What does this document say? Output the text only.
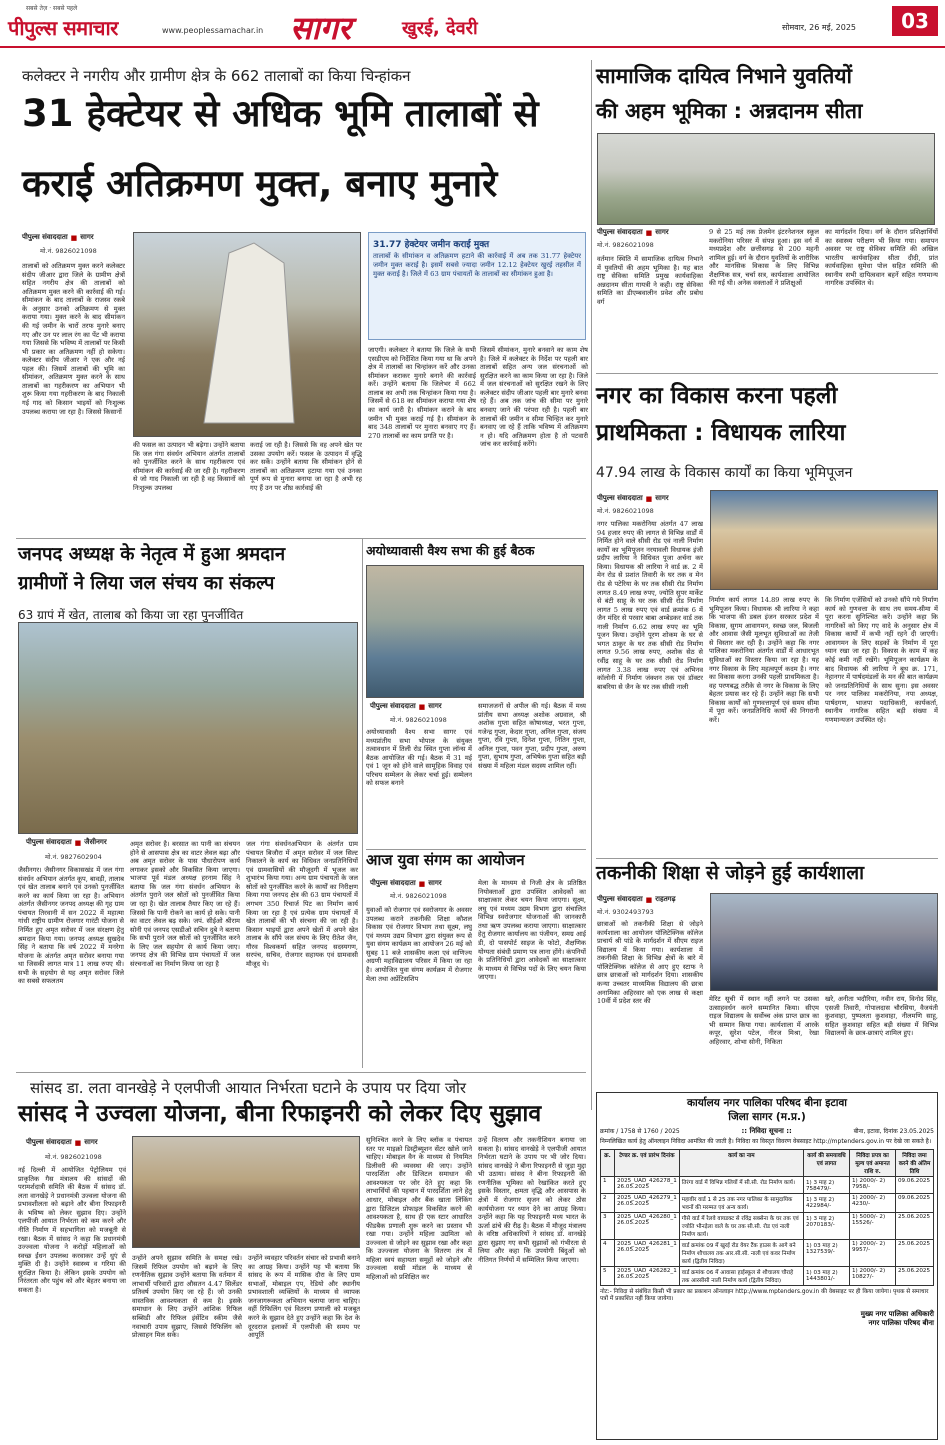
पीपुल्स समाचार
सबसे तेज़ · सबसे पहले
www.peoplessamachar.in सागर	खुरई, देवरी	सोमवार, 26 मई, 2025	03
कलेक्टर ने नगरीय और ग्रामीण क्षेत्र के 662 तालाबों का किया चिन्हांकन
31 हेक्टेयर से अधिक भूमि तालाबों से
कराई अतिक्रमण मुक्त, बनाए मुनारे
पीपुल्स संवाददाता ■ सागर
मो.नं. 9826021098
तालाबों को अतिक्रमण मुक्त करने कलेक्टर संदीप जीआर द्वारा जिले के ग्रामीण क्षेत्रों सहित नगरीय क्षेत्र की तालाबों को अतिक्रमण मुक्त करने की कार्रवाई की गई। सीमांकन के बाद तालाबों के राजस्व रकबे के अनुसार उनको अतिक्रमण से मुक्त कराया गया। मुक्त करने के बाद सीमांकन की गई जमीन के चारों तरफ मुनारे बनाए गए और उन पर लाल रंग का पेंट भी कराया गया जिससे कि भविष्य में तालाबों पर किसी भी प्रकार का अतिक्रमण नहीं हो सकेगा। कलेक्टर संदीप जीआर ने एक और नई पहल की। जिसमें तालाबों की भूमि का सीमांकन, अतिक्रमण मुक्त करने के साथ तालाबों का गहरीकरण का अभियान भी शुरू किया गया गहरीकरण के बाद निकाली गई गाद को किसान भाइयों को निःशुल्क उपलब्ध कराया जा रहा है। जिससे किसानों
की फसल का उत्पादन भी बढ़ेगा। उन्होंने बताया कि जल गंगा संवर्धन अभियान अंतर्गत तालाबों को पुनर्जीवित करने के साथ गहरीकरण एवं सीमांकन की कार्रवाई की जा रही है। गहरीकरण से जो गाद निकाली जा रही है वह किसानों को निःशुल्क उपलब्ध
कराई जा रही है। जिससे कि वह अपने खेत पर उसका उपयोग करें। फसल के उत्पादन में वृद्धि कर सकें। उन्होंने बताया कि सीमांकन होने से तालाबों का अतिक्रमण हटाया गया एवं उनका पूर्ण रूप से मुनारा बनाया जा रहा है अभी रह गए हैं उन पर शीघ्र कार्रवाई की
31.77 हेक्टेयर जमीन कराई मुक्त
तालाबों के सीमांकन व अतिक्रमण हटाने की कार्रवाई में अब तक 31.77 हेक्टेयर जमीन मुक्त कराई है। इसमें सबसे ज्यादा जमीन 12.12 हेक्टेयर खुरई तहसील में मुक्त कराई है। जिले में 63 ग्राम पंचायतों के तालाबों का सीमांकन हुआ है।
जाएगी। कलेक्टर ने बताया कि जिले के सभी एसडीएम को निर्देशित किया गया था कि अपने क्षेत्र में तालाबों का चिन्हांकन करें और उनका सीमांकन कराकर मुनारे बनाने की कार्रवाई करें। उन्होंने बताया कि जिलेभर में 662 तालाब का अभी तक चिन्हांकन किया गया है। जिसमें से 618 का सीमांकन कराया गया शेष का कार्य जारी है। सीमांकन कराने के बाद जमीन भी मुक्त कराई गई है। सीमांकन के बाद 348 तालाबों पर मुनारा बनवाए गए हैं। 270 तालाबों का काम प्रगति पर है।
जिसमें सीमांकन, मुनारे बनवाने का काम शेष है। जिले में कलेक्टर के निर्देश पर पहली बार तालाबों सहित अन्य जल संरचनाओं को सुरक्षित करने का काम किया जा रहा है। जिले में जल संरचनाओं को सुरक्षित रखने के लिए कलेक्टर संदीप जीआर पहली बार मुनारे बनवा रहे हैं। अब तक जांच की सीमा पर मुनारे बनवाए जाने की परंपरा रही है। पहली बार तालाबों की जमीन व सीमा चिन्हित कर मुनारे बनवाए जा रहे हैं ताकि भविष्य में अतिक्रमण न हो। यदि अतिक्रमण होता है तो पटवारी जांच कर कार्रवाई करेंगे।
सामाजिक दायित्व निभाने युवतियों
की अहम भूमिका : अन्नदानम सीता
पीपुल्स संवाददाता ■ सागर
मो.नं. 9826021098
वर्तमान स्थिति में सामाजिक दायित्व निभाने में युवतियों की अहम भूमिका है। यह बात राष्ट्र सेविका समिति प्रमुख कार्यवाहिका अन्नदानम सीता गायत्री ने कही। राष्ट्र सेविका समिति का डीएम्बवालीन प्रवेश और प्रबोध वर्ग
9 से 25 मई तक प्रेजमेन इंटरनेशनल स्कूल मकरोनिया परिसर में संपन्न हुआ। इस वर्ग में मध्यप्रदेश और छत्तीसगढ़ से 200 महनी शामिल हुई। वर्ग के दौरान युवतियों के शारीरिक और मानसिक विकास के लिए विभिन्न शैक्षणिक सत्र, चर्चा सत्र, कार्यशाला आयोजित की गई थी। अनेक वक्ताओं ने प्रशिक्षुओं
का मार्गदर्शन दिया। वर्ग के दौरान प्रशिक्षार्थियों का स्वास्थ्य परीक्षण भी किया गया। समापन अवसर पर राष्ट्र सेविका समिति की अखिल भारतीय कार्यवाहिका सीता दीदी, प्रांत कार्यवाहिका सुमेधा पोल सहित समिति की स्थानीय सभी दायित्ववान बहनें सहित गणमान्य नागरिक उपस्थित थे।
नगर का विकास करना पहली
प्राथमिकता : विधायक लारिया
47.94 लाख के विकास कार्यों का किया भूमिपूजन
पीपुल्स संवाददाता ■ सागर
मो.नं. 9826021098
नगर पालिका मकरोनिया अंतर्गत 47 लाख 94 हजार रुपए की लागत से विभिन्न वार्डों में निर्मित होने वाले सीसी रोड एवं नाली निर्माण कार्यों का भूमिपूजन नरयावली विधायक इंजी प्रदीप लारिया ने विधिवत पूजा अर्चना कर किया। विधायक श्री लारिया ने वार्ड क्र. 2 में मेन रोड से प्रशांत तिवारी के घर तक व मेन रोड से पटेरिया के घर तक सीसी रोड निर्माण लागत 8.49 लाख रुपए, ज्योति सुपर मार्केट से बंटी साहू के घर तक सीसी रोड निर्माण लागत 5 लाख रुपए एवं वार्ड क्रमांक 6 में जैन मंदिर से परवार बाबा अम्बेडकर वार्ड तक नाली निर्माण 6.62 लाख रुपए का भूमि पूजन किया। उन्होंने पूरण शोकम के घर से भगत ठाकुर के घर तक सीसी रोड निर्माण लागत 9.56 लाख रुपए, अशोक सेठ से रवींद्र साहू के घर तक सीसी रोड निर्माण लागत 3.38 लाख रुपए एवं अभिनव कॉलोनी में निर्माण जंक्शन तक एवं डॉक्टर बाबरिया से जैन के घर तक सीसी नाली
निर्माण कार्य लागत 14.89 लाख रुपए के भूमिपूजन किया। विधायक श्री लारिया ने कहा कि भाजपा की डबल इंजन सरकार प्रदेश में विकास, सुगम आवागमन, स्वच्छ जल, बिजली और आवास जैसी मूलभूत सुविधाओं का तेजी से विस्तार कर रही है। उन्होंने कहा कि नगर पालिका मकरोनिया अंतर्गत वार्डों में आधारभूत सुविधाओं का विस्तार किया जा रहा है। यह नगर विकास के लिए महत्वपूर्ण कदम है। नगर का विकास करना उनकी पहली प्राथमिकता है। वह परणबद्ध तरीके से नगर के विकास के लिए बेहतर प्रयास कर रहे हैं। उन्होंने कहा कि सभी विकास कार्यों को गुणवत्तापूर्ण एवं समय सीमा में पूरा करें। जनप्रतिनिधि कार्यों की निगरानी करें।
कि निर्माण एजेंसियों को उनको सौंपे गये निर्माण कार्य को गुणवत्ता के साथ तय समय-सीमा में पूरा करना सुनिश्चित करें। उन्होंने कहा कि नागरिकों को किए गए वादे के अनुसार क्षेत्र में विकास कार्यों में कभी नहीं रहने दी जाएगी। आवागमन के लिए सड़कों के निर्माण में पूरा ध्यान रखा जा रहा है। विकास के काम में कह कोई कमी नहीं रखेंगे। भूमिपूजन कार्यक्रम के बाद विधायक श्री लारिया ने बूथ क्र. 171, नेहानगर में पार्षदमंडलों के मन की बात कार्यक्रम को जनप्रतिनिधियों के साथ सुना। इस अवसर पर नगर पालिका मकरोनिया, नपा अध्यक्ष, पार्षदगण, भाजपा पदाधिकारी, कार्यकर्ता, स्थानीय नागरिक सहित बड़ी संख्या में गणमान्यजन उपस्थित रहे।
तकनीकी शिक्षा से जोड़ने हुई कार्यशाला
पीपुल्स संवाददाता ■ राहतगढ़
मो.नं. 9302493793
छात्राओं को तकनीकी शिक्षा से जोड़ने कार्यशाला का आयोजन पॉलिटेक्निक कॉलेज प्राचार्य श्री पांडे के मार्गदर्शन में सीएम राइज विद्यालय में किया गया। कार्यशाला में तकनीकी शिक्षा के विभिन्न क्षेत्रों के बारे में पॉलिटेक्निक कॉलेज से आए हुए स्टाफ ने छात्र छात्राओं को मार्गदर्शन दिया। शासकीय कन्या उच्चतर माध्यमिक विद्यालय की छात्रा अनामिका अहिरवार को एक लाख से कक्षा 10वीं में प्रदेश स्तर की	मेरिट सूची में स्थान नहीं लगने पर उसका उत्साहवर्धन करने सम्मानित किया। सीएम राइज विद्यालय के सर्वोच्च अंक प्राप्त छात्र का भी सम्मान किया गया। कार्यशाला में आरके कपूर, सुरेश पटेल, नीरज मिश्रा, रेखा अहिरवार, शोभा सोनी, निकिता
खरे, अनीता भदौरिया, नवीन राय, विनोद सिंह, एसजी तिवारी, गोपालदास चौरसिया, वैजयंती कुशवाहा, पुष्पलता कुशवाहा, नीलमणि साहू, सहित कुशवाहा सहित बड़ी संख्या में विभिन्न विद्यालयों के छात्र-छात्राएं शामिल हुए।
जनपद अध्यक्ष के नेतृत्व में हुआ श्रमदान
ग्रामीणों ने लिया जल संचय का संकल्प
63 ग्रापं में खेत, तालाब को किया जा रहा पुनर्जीवित
पीपुल्स संवाददाता ■ जैसीनगर
मो.नं. 9827602904
जैसीनगर। जैसीनगर विकासखंड में जल गंगा संवर्धन अभियान अंतर्गत कूप, बावड़ी, तालाब एवं खेत तालाब बनाने एवं उनको पुनर्जीवित करने का कार्य किया जा रहा है। अभियान अंतर्गत जैसीनगर जनपद अध्यक्ष की गृह ग्राम पंचायत तिरवानी में सन 2022 में महात्मा गांधी राष्ट्रीय ग्रामीण रोजगार गारंटी योजना से निर्मित हुए अमृत सरोवर में जल संरक्षण हेतु श्रमदान किया गया। जनपद अध्यक्ष सुखदेव सिंह ने बताया कि वर्ष 2022 में मनरेगा योजना के अंतर्गत अमृत सरोवर बनाया गया था जिसकी लागत मात्र 11 लाख रुपए थी। सभी के सहयोग से यह अमृत सरोवर जिले का सबसे सफलतम
अमृत सरोवर है। बरसात का पानी का संचयन होने से आसपास क्षेत्र का वाटर लेवल बढ़ा और अब अमृत सरोवर के पास पौधारोपण कार्य लगाकर इसको और विकसित किया जाएगा। भाजपा पूर्व मंडल अध्यक्ष हरनाम सिंह ने बताया कि जल गंगा संवर्धन अभियान के अंतर्गत पुराने जल स्रोतों को पुनर्जीवित किया जा रहा है। खेत तालाब तैयार किए जा रहे हैं। जिससे कि पानी रोकने का कार्य हो सके। पानी का वाटर लेवल बढ़ सके। जपं. सीईओ श्रीराम सोनी एवं जनपद एसडीओ सचिन दुबे ने बताया कि सभी पुराने जल स्रोतों को पुनर्जीवित करने के लिए जल सहयोग से कार्य किया जाए। जनपद क्षेत्र की विभिन्न ग्राम पंचायतों में जल संरचनाओं का निर्माण किया जा रहा है
जल गंगा संवर्धनअभियान के अंतर्गत ग्राम पंचायत बिजौरा में अमृत सरोवर में जल सिल्ट निकालने के कार्य का विधिवत जनप्रतिनिधियों एवं ग्रामवासियों की मौजूदगी में भूजल कर शुभारंभ किया गया। अन्य ग्राम पंचायतों के जल स्रोतों को पुनर्जीवित करने के कार्यों का निरीक्षण किया गया जनपद क्षेत्र की 63 ग्राम पंचायतों में लगभग 350 रिचार्ज पिट का निर्माण कार्य किया जा रहा है एवं प्रत्येक ग्राम पंचायतों में खेत तालाबों की भी संरचना की जा रही है। किसान भाइयों द्वारा अपने खेतों में अपने खेत तालाब के सौंपे जल संचय के लिए रीतेश जैन, गौरव विश्वकर्मा सहित जनपद सदस्यगण, सरपंच, सचिव, रोजगार सहायक एवं ग्रामवासी मौजूद थे।
अयोध्यावासी वैश्य सभा की हुई बैठक
पीपुल्स संवाददाता ■ सागर
मो.नं. 9826021098
अयोध्यावासी वैश्य सभा सागर एवं मध्यप्रांतीय सभा भोपाल के संयुक्त तत्वावधान में तिली रोड स्थित गुप्ता लॉन्स में बैठक आयोजित की गई। बैठक में 31 मई एवं 1 जून को होने वाले सामूहिक विवाह एवं परिचय सम्मेलन के लेकर चर्चा हुई। सम्मेलन को सफल बनाने
समाजजनों से अपील की गई। बैठक में मध्य प्रांतीय सभा अध्यक्ष अशोक अग्रवाल, श्री अशोक गुप्ता सहित कोषाध्यक्ष, भरत गुप्ता, गजेन्द्र गुप्ता, केदार गुप्ता, अनिल गुप्ता, संजय गुप्ता, रवि गुप्ता, दिनेश गुप्ता, नितिन गुप्ता, अनिल गुप्ता, पवन गुप्ता, प्रदीप गुप्ता, अरुण गुप्ता, सुभाष गुप्ता, अभिषेक गुप्ता सहित बड़ी संख्या में महिला मंडल सदस्य शामिल रहीं।
आज युवा संगम का आयोजन
पीपुल्स संवाददाता ■ सागर
मो.नं. 9826021098
युवाओं को रोजगार एवं स्वरोजगार के अवसर उपलब्ध कराने तकनीकी शिक्षा कौशल विकास एवं रोजगार विभाग तथा सूक्ष्म, लघु एवं मध्यम उद्यम विभाग द्वारा संयुक्त रूप से युवा संगम कार्यक्रम का आयोजन 26 मई को सुबह 11 बजे शासकीय कला एवं वाणिज्य अग्रणी महाविद्यालय परिसर में किया जा रहा है। आयोजित युवा संगम कार्यक्रम में रोजगार मेला तथा अप्रेंटिसशिप
मेला के माध्यम से निजी क्षेत्र के प्रतिष्ठित नियोक्ताओं द्वारा उपस्थित आवेदकों का साक्षात्कार लेकर चयन किया जाएगा। सूक्ष्म, लघु एवं मध्यम उद्यम विभाग द्वारा संचालित विभिन्न स्वरोजगार योजनाओं की जानकारी तथा ऋण उपलब्ध कराया जाएगा। साक्षात्कार हेतु रोजगार कार्यालय का पंजीयन, समग्र आई डी, दो पासपोर्ट साइज के फोटो, शैक्षणिक योग्यता संबंधी प्रमाण पत्र लाना होंगे। कंपनियों के प्रतिनिधियों द्वारा आवेदकों का साक्षात्कार के माध्यम से विभिन्न पदों के लिए चयन किया जाएगा।
सांसद डा. लता वानखेड़े ने एलपीजी आयात निर्भरता घटाने के उपाय पर दिया जोर
सांसद ने उज्वला योजना, बीना रिफाइनरी को लेकर दिए सुझाव
पीपुल्स संवाददाता ■ सागर
मो.नं. 9826021098
नई दिल्ली में आयोजित पेट्रोलियम एवं प्राकृतिक गैस मंत्रालय की सांसदों की परामर्शदात्री समिति की बैठक में सांसद डॉ. लता वानखेड़े ने प्रधानमंत्री उज्वला योजना की प्रभावशीलता को बढ़ाने और बीना रिफाइनरी के भविष्य को लेकर सुझाव दिए। उन्होंने एलपीजी आयात निर्भरता को कम करने और नीति निर्माण में सहभागिता को मजबूती से रखा। बैठक में सांसद ने कहा कि प्रधानमंत्री उज्ज्वला योजना ने करोड़ों महिलाओं को स्वच्छ ईंधन उपलब्ध करवाकर उन्हें धुएं से मुक्ति दी है। उन्होंने स्वास्थ्य व गरिमा की सुरक्षित किया है। लेकिन इसके उपयोग को निरंतरता और पहुंच को और बेहतर बनाया जा सकता है।
उन्होंने अपने सुझाव समिति के समक्ष रखे। जिसमें रिफिल उपयोग को बढ़ाने के लिए रणनीतिक सुझाव उन्होंने बताया कि वर्तमान में लाभार्थी परिवारों द्वारा औसतन 4.47 सिलेंडर प्रतिवर्ष उपयोग किए जा रहे हैं। जो उनकी वास्तविक आवश्यकता से कम है। इसके समाधान के लिए उन्होंने आंशिक रिफिल सब्सिडी और रिफिल इंसेंटिव स्कीम जैसे नवाचारी उपाय सुझाए, जिससे रिफिलिंग को प्रोत्साहन मिल सके।
उन्होंने व्यवहार परिवर्तन संचार को प्रभावी बनाने का आग्रह किया। उन्होंने यह भी बताया कि सांसद के रूप में मासिक दौरा के लिए ग्राम सभाओं, मोबाइल एप, रेडियो और स्थानीय प्रभावशाली व्यक्तियों के माध्यम से व्यापक जनजागरूकता अभियान चलाया जाना चाहिए। वहीं रिफिलिंग एवं वितरण प्रणाली को मजबूत करने के सुझाव देते हुए उन्होंने कहा कि देश के दूरदराज इलाकों में एलपीजी की समय पर आपूर्ति
सुनिश्चित करने के लिए ब्लॉक व पंचायत स्तर पर माइक्रो डिस्ट्रीब्यूशन सेंटर खोले जाने चाहिए। मोबाइल वैन के माध्यम से नियमित डिलीवरी की व्यवस्था की जाए। उन्होंने पारदर्शिता और डिजिटल समाधान की आवश्यकता पर जोर देते हुए कहा कि लाभार्थियों की पहचान में पारदर्शिता लाने हेतु आधार, मोबाइल और बैंक खाता लिंकिंग द्वारा डिजिटल प्रोफाइल विकसित करने की आवश्यकता है, साथ ही एक स्टार आधारित फीडबैक प्रणाली शुरू करने का प्रस्ताव भी रखा गया। उन्होंने महिला उद्यमिता को उज्ज्वला से जोड़ने का सुझाव रखा और कहा कि उज्ज्वला योजना के वितरण तंत्र में महिला स्वयं सहायता समूहों को जोड़ने और उज्ज्वला सखी मॉडल के माध्यम से महिलाओं को प्रशिक्षित कर
उन्हें वितरण और तकनीशियन बनाया जा सकता है। सांसद वानखेड़े ने एलपीजी आयात निर्भरता घटाने के उपाय पर भी जोर दिया। सांसद वानखेड़े ने बीना रिफाइनरी से जुड़ा मुद्दा भी उठाया। सांसद ने बीना रिफाइनरी की रणनीतिक भूमिका को रेखांकित करते हुए इसके विस्तार, क्षमता वृद्धि और आसपास के क्षेत्रों में रोजगार सृजन को लेकर ठोस कार्ययोजना पर ध्यान देने का आग्रह किया। उन्होंने कहा कि यह रिफाइनरी मध्य भारत के ऊर्जा ढांचे की रीढ़ है। बैठक में मौजूद मंत्रालय के वरिष्ठ अधिकारियों ने सांसद डॉ. वानखेड़े द्वारा सुझाए गए सभी सुझावों को गंभीरता से लिया और कहा कि उपयोगी बिंदुओं को नीतिगत निर्णयों में सम्मिलित किया जाएगा।
कार्यालय नगर पालिका परिषद बीना इटावा
जिला सागर (म.प्र.)
क्रमांक / 1758 से 1760 / 2025	:: निविदा सूचना ::	बीना, इटावा, दिनांक 23.05.2025
निम्नलिखित कार्य हेतु ऑनलाइन निविदा आमंत्रित की जाती है। निविदा का विस्तृत विवरण वेबसाइट http://mptenders.gov.in पर देखे जा सकते है।
क्र.	टेण्डर क्र. एवं प्रारंभ दिनांक	कार्य का नाम	कार्य की समयावधि एवं लागत	निविदा प्रपत्र का मूल्य एवं अमानत राशि रु.	निविदा जमा करने की अंतिम तिथि
1	2025_UAD_426278_1 26.05.2025	तिरंगा वार्ड में विभिन्न गलियों में सी.सी. रोड निर्माण कार्य।	1) 3 माह 2) 758479/-	1) 2000/- 2) 7958/-	09.06.2025
2	2025_UAD_426279_1 26.05.2025	महावीर वार्ड 1 से 25 तक नगर पालिका के सामुदायिक भवनों की मरम्मत एवं अन्य कार्य।	1) 3 माह 2) 422984/-	1) 2000/- 2) 4230/-	09.06.2025
3	2025_UAD_426280_1 26.05.2025	गौसे वार्ड में रेलवे वायडक्ट से रविंद्र सक्सेना के घर तक एवं ज्योति भौनड़ेला वाले के घर तक सी.सी. रोड एवं नाली निर्माण कार्य।	1) 3 माह 2) 2070183/-	1) 5000/- 2) 15526/-	25.06.2025
4	2025_UAD_426281_1 26.05.2025	वार्ड क्रमांक 09 में खुरई रोड वेयर टैंक हाउस के आगे बने निर्माण शौचालय तक आर.सी.सी. नाली एवं कवर निर्माण कार्य (द्वितीय निविदा)	1) 03 माह 2) 1327539/-	1) 2000/- 2) 9957/-	25.06.2025
5	2025_UAD_426282_1 26.05.2025	वार्ड क्रमांक 06 में आवासा हाईस्कूल से शौचालय चौराहे तक आरसीसी नाली निर्माण कार्य (द्वितीय निविदा)	1) 03 माह 2) 1443801/-	1) 2000/- 2) 10827/-	25.06.2025
नोट:- निविदा से संबंधित किसी भी प्रकार का प्रकाशन ऑनलाइन http://www.mptenders.gov.in की वेबसाइट पर ही किया जायेगा। पृथक से समाचार पत्रों में प्रकाशित नहीं किया जायेगा।
मुख्य नगर पालिका अधिकारी
नगर पालिका परिषद बीना
